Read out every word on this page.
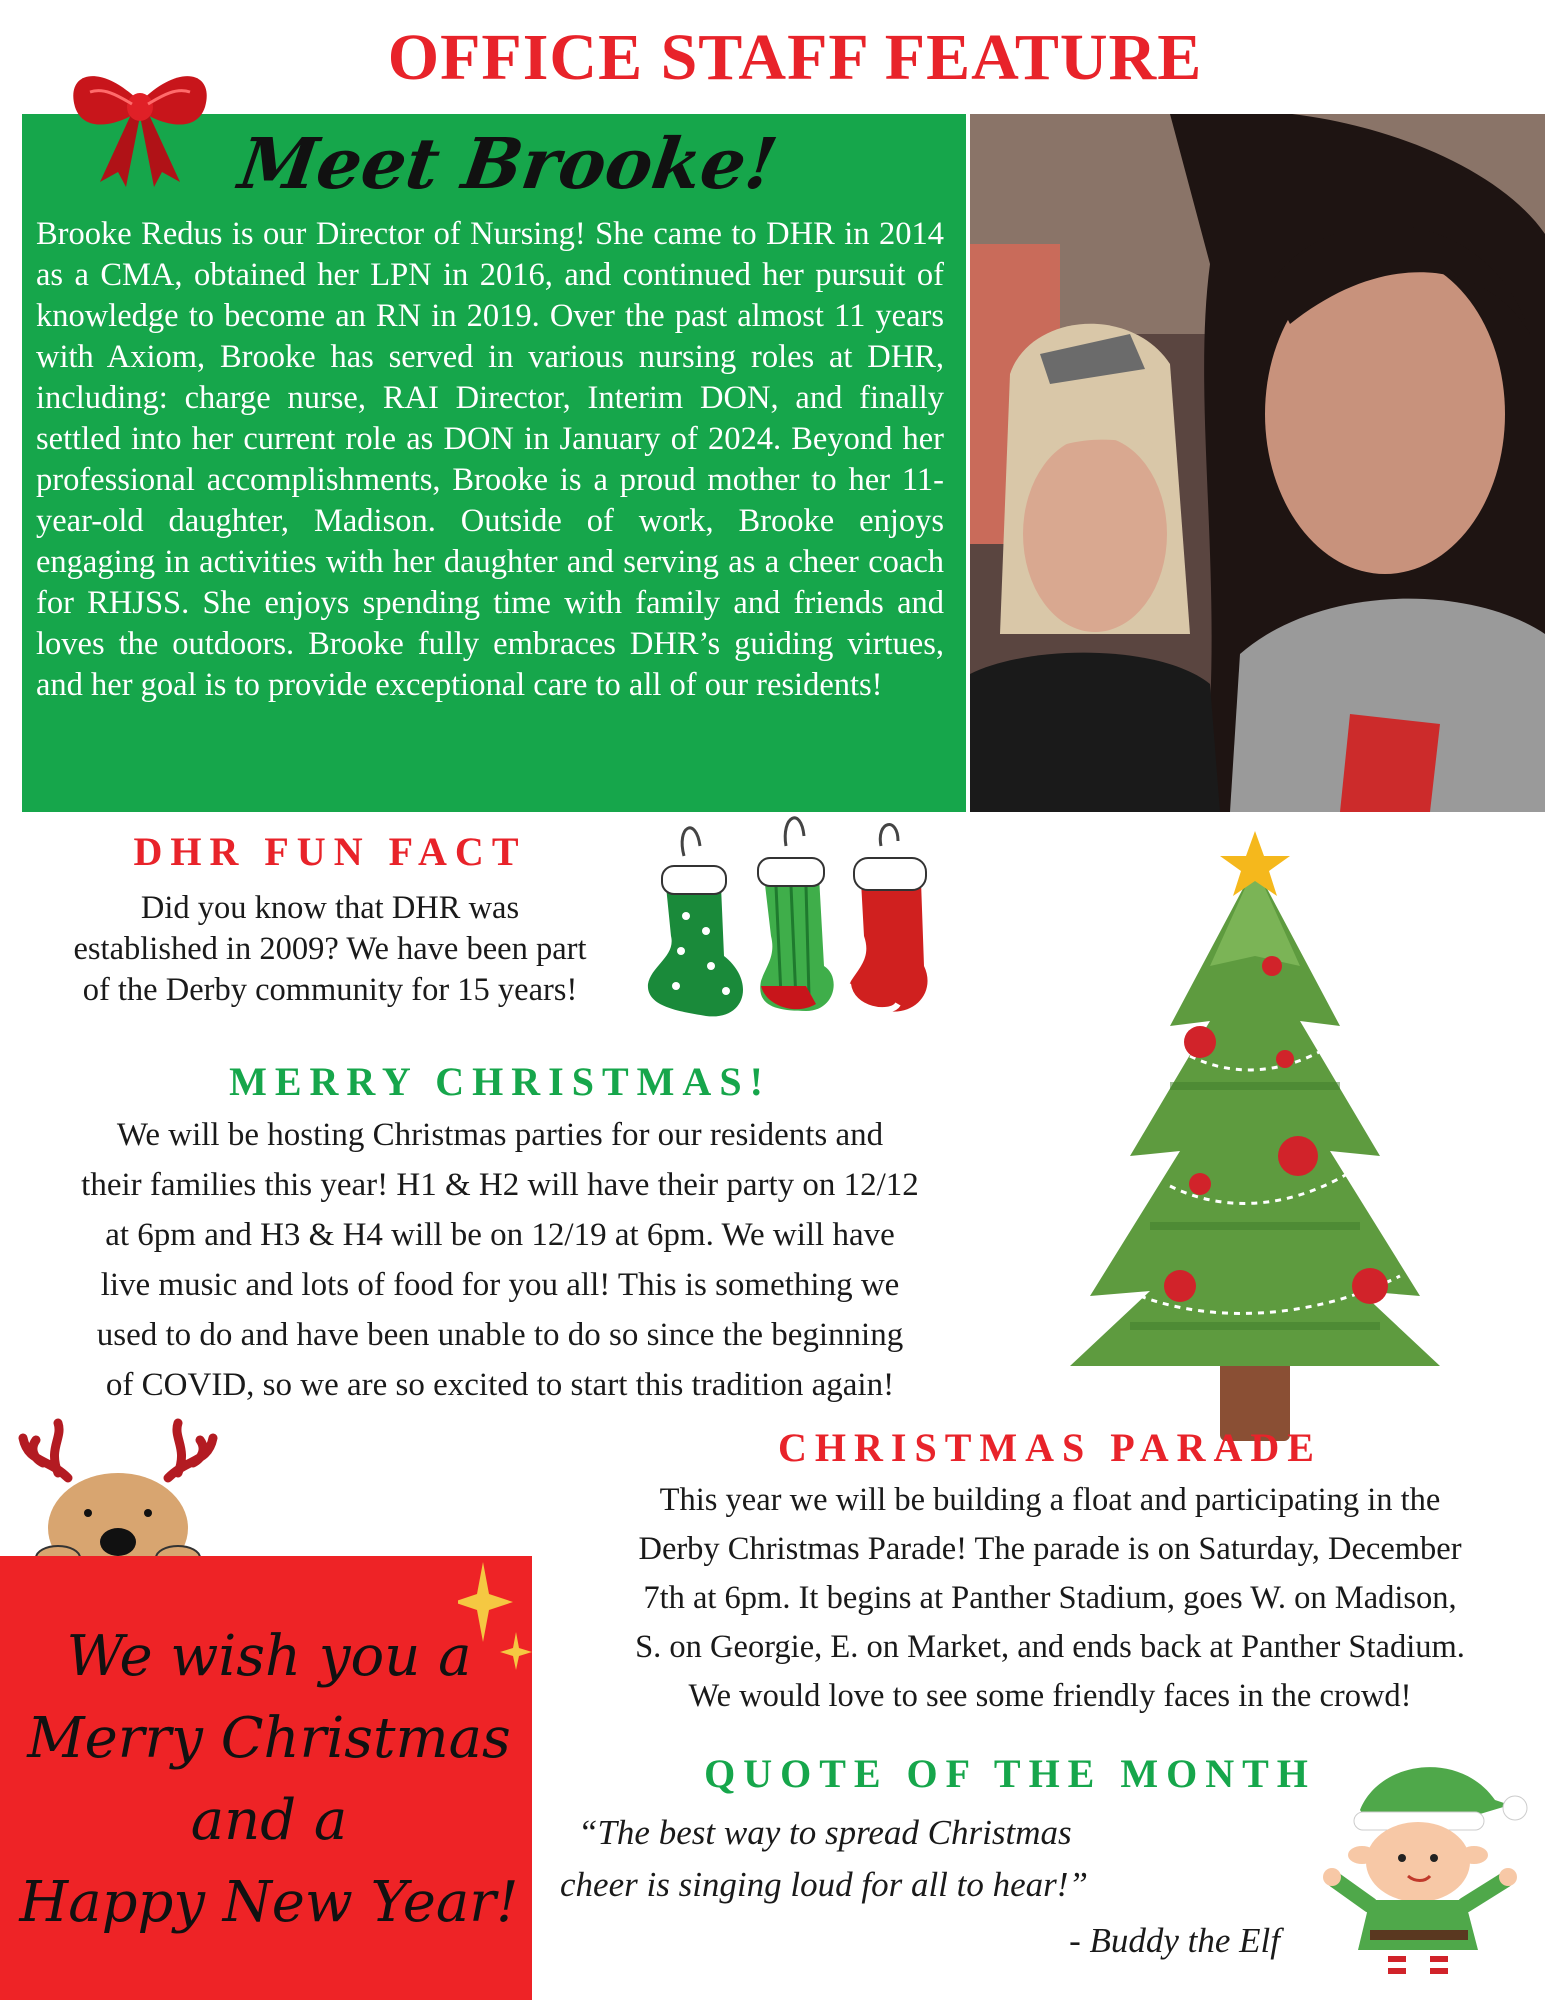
OFFICE STAFF FEATURE
Meet Brooke!
Brooke Redus is our Director of Nursing! She came to DHR in 2014 as a CMA, obtained her LPN in 2016, and continued her pursuit of knowledge to become an RN in 2019. Over the past almost 11 years with Axiom, Brooke has served in various nursing roles at DHR, including: charge nurse, RAI Director, Interim DON, and finally settled into her current role as DON in January of 2024. Beyond her professional accomplishments, Brooke is a proud mother to her 11-year-old daughter, Madison. Outside of work, Brooke enjoys engaging in activities with her daughter and serving as a cheer coach for RHJSS. She enjoys spending time with family and friends and loves the outdoors. Brooke fully embraces DHR’s guiding virtues, and her goal is to provide exceptional care to all of our residents!
DHR FUN FACT
Did you know that DHR was
established in 2009? We have been part
of the Derby community for 15 years!
MERRY CHRISTMAS!
We will be hosting Christmas parties for our residents and
their families this year! H1 & H2 will have their party on 12/12
at 6pm and H3 & H4 will be on 12/19 at 6pm. We will have
live music and lots of food for you all! This is something we
used to do and have been unable to do so since the beginning
of COVID, so we are so excited to start this tradition again!
We wish you a
Merry Christmas
and a
Happy New Year!
CHRISTMAS PARADE
This year we will be building a float and participating in the
Derby Christmas Parade! The parade is on Saturday, December
7th at 6pm. It begins at Panther Stadium, goes W. on Madison,
S. on Georgie, E. on Market, and ends back at Panther Stadium.
We would love to see some friendly faces in the crowd!
QUOTE OF THE MONTH
“The best way to spread Christmas
cheer is singing loud for all to hear!”
- Buddy the Elf
